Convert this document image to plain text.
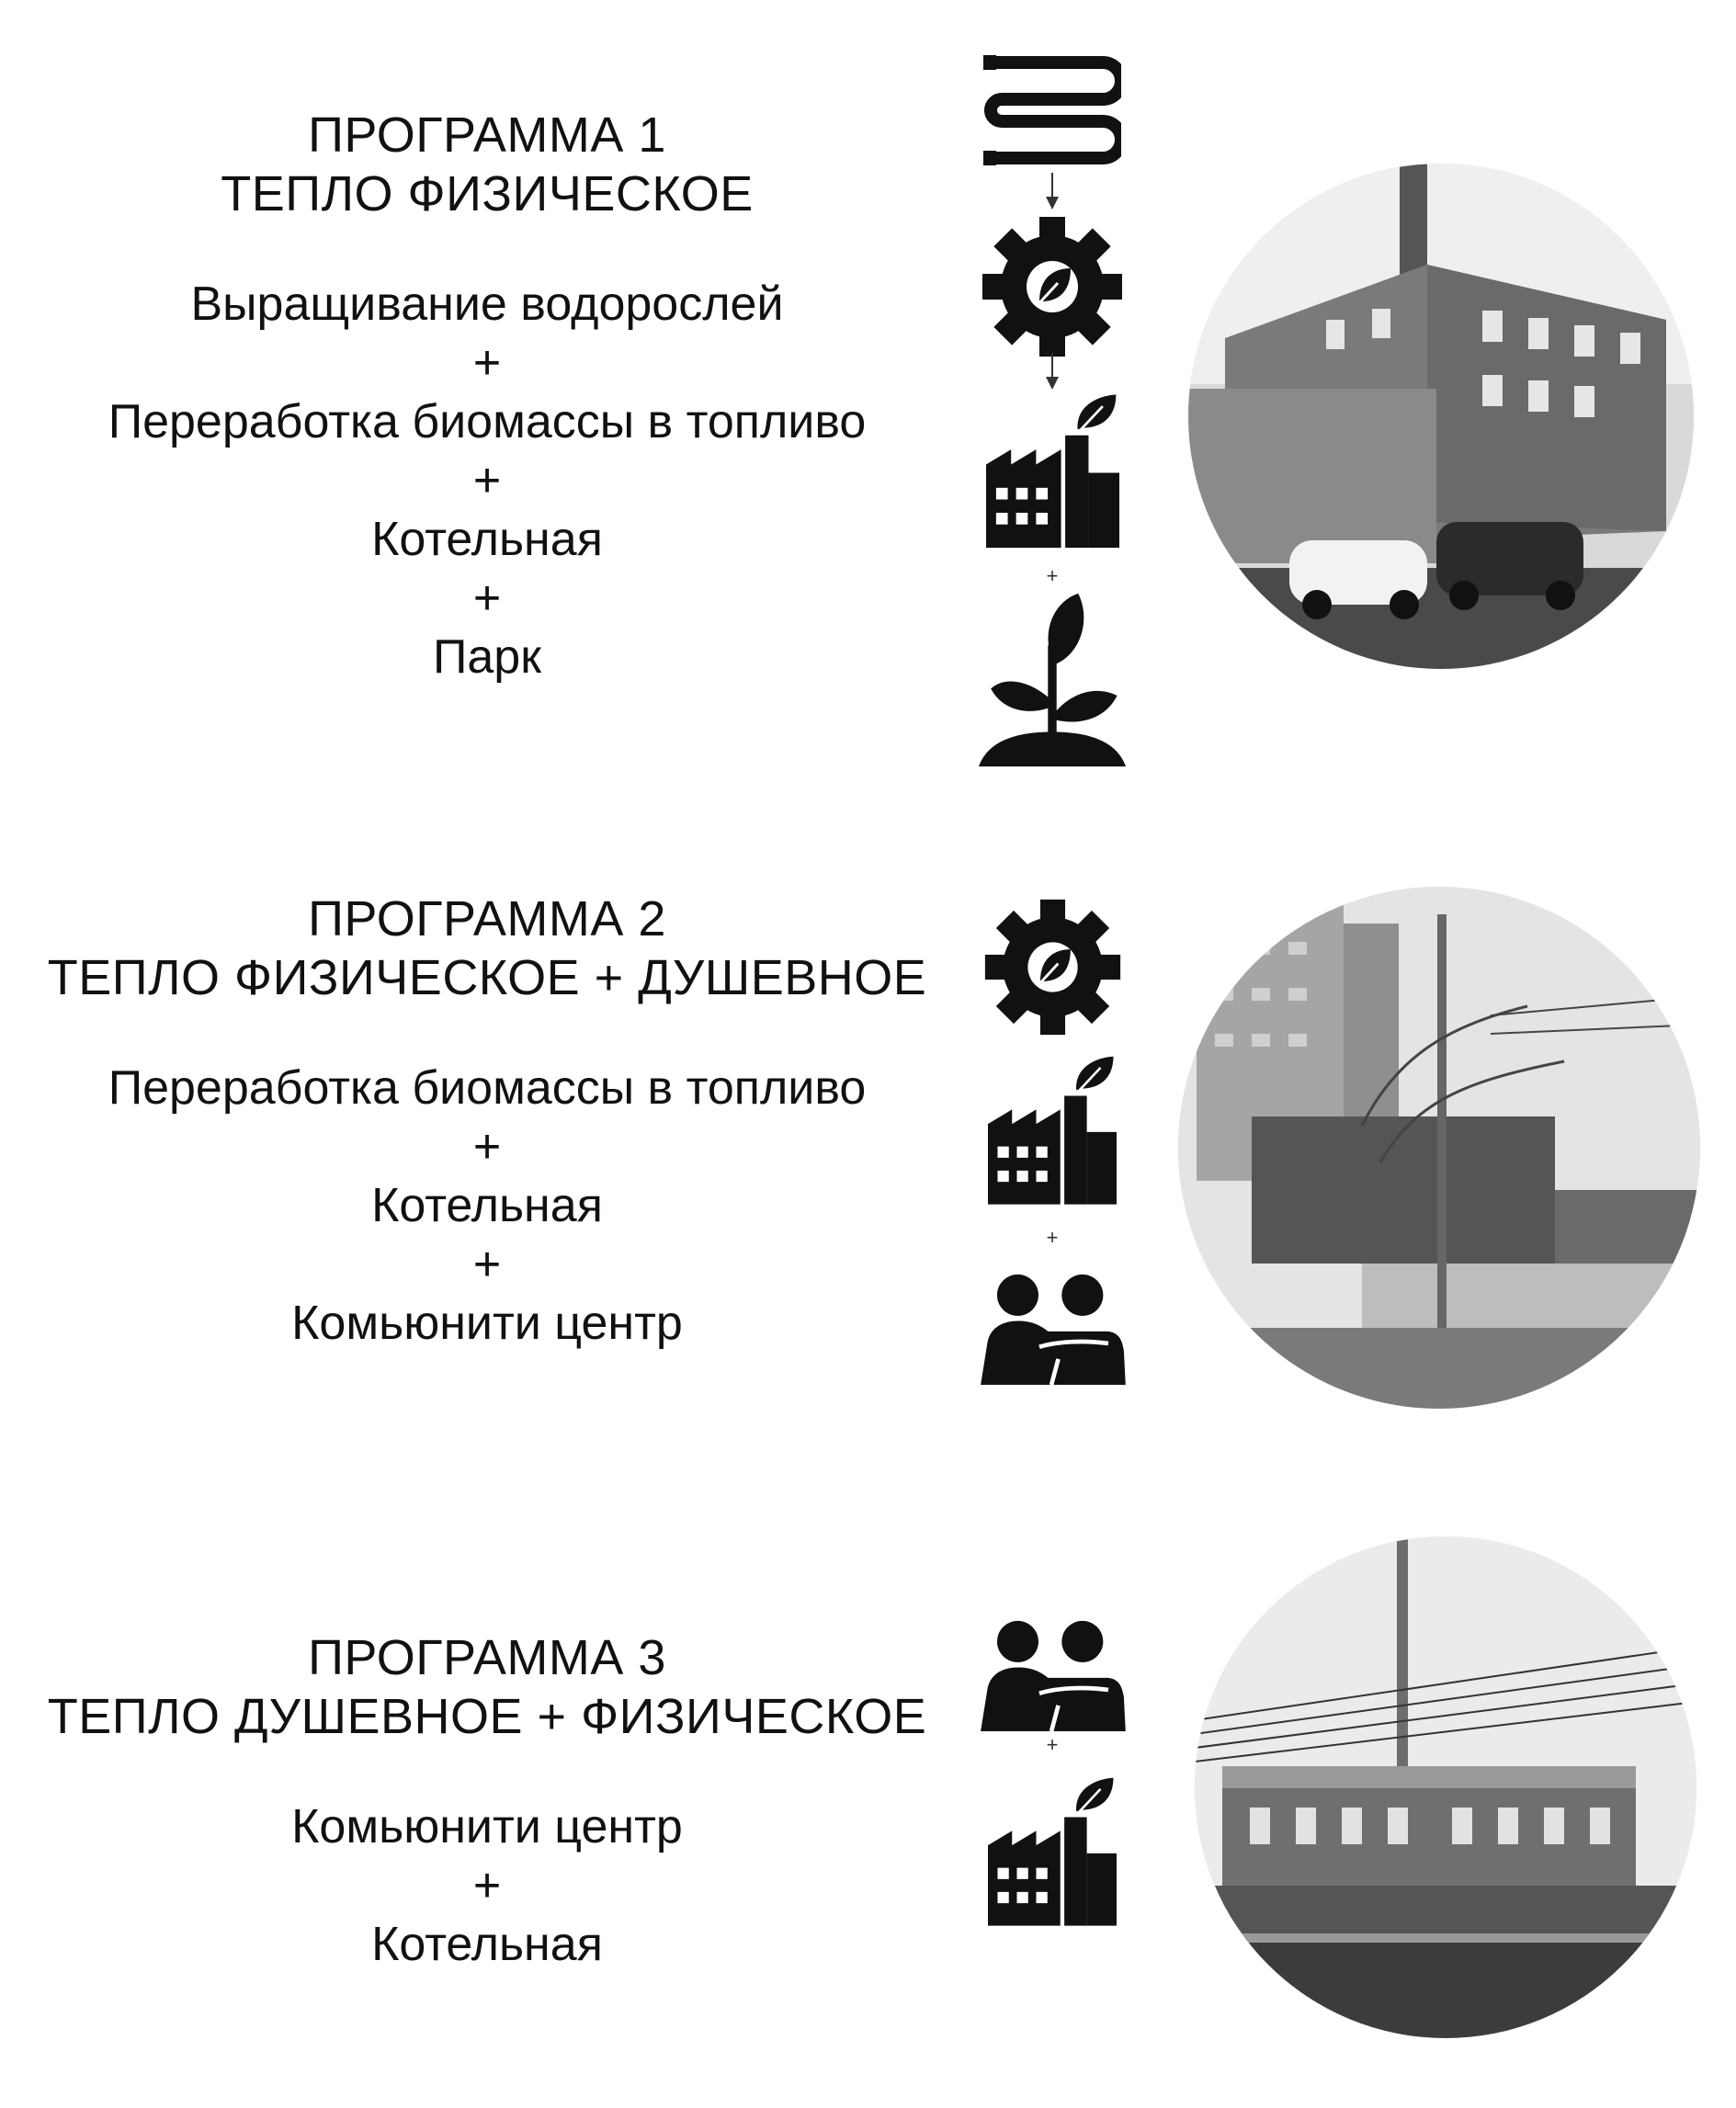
ПРОГРАММА 1
ТЕПЛО ФИЗИЧЕСКОЕ
Выращивание водорослей
+
Переработка биомассы в топливо
+
Котельная
+
Парк
+
ПРОГРАММА 2
ТЕПЛО ФИЗИЧЕСКОЕ + ДУШЕВНОЕ
Переработка биомассы в топливо
+
Котельная
+
Комьюнити центр
+
ПРОГРАММА 3
ТЕПЛО ДУШЕВНОЕ + ФИЗИЧЕСКОЕ
Комьюнити центр
+
Котельная
+
